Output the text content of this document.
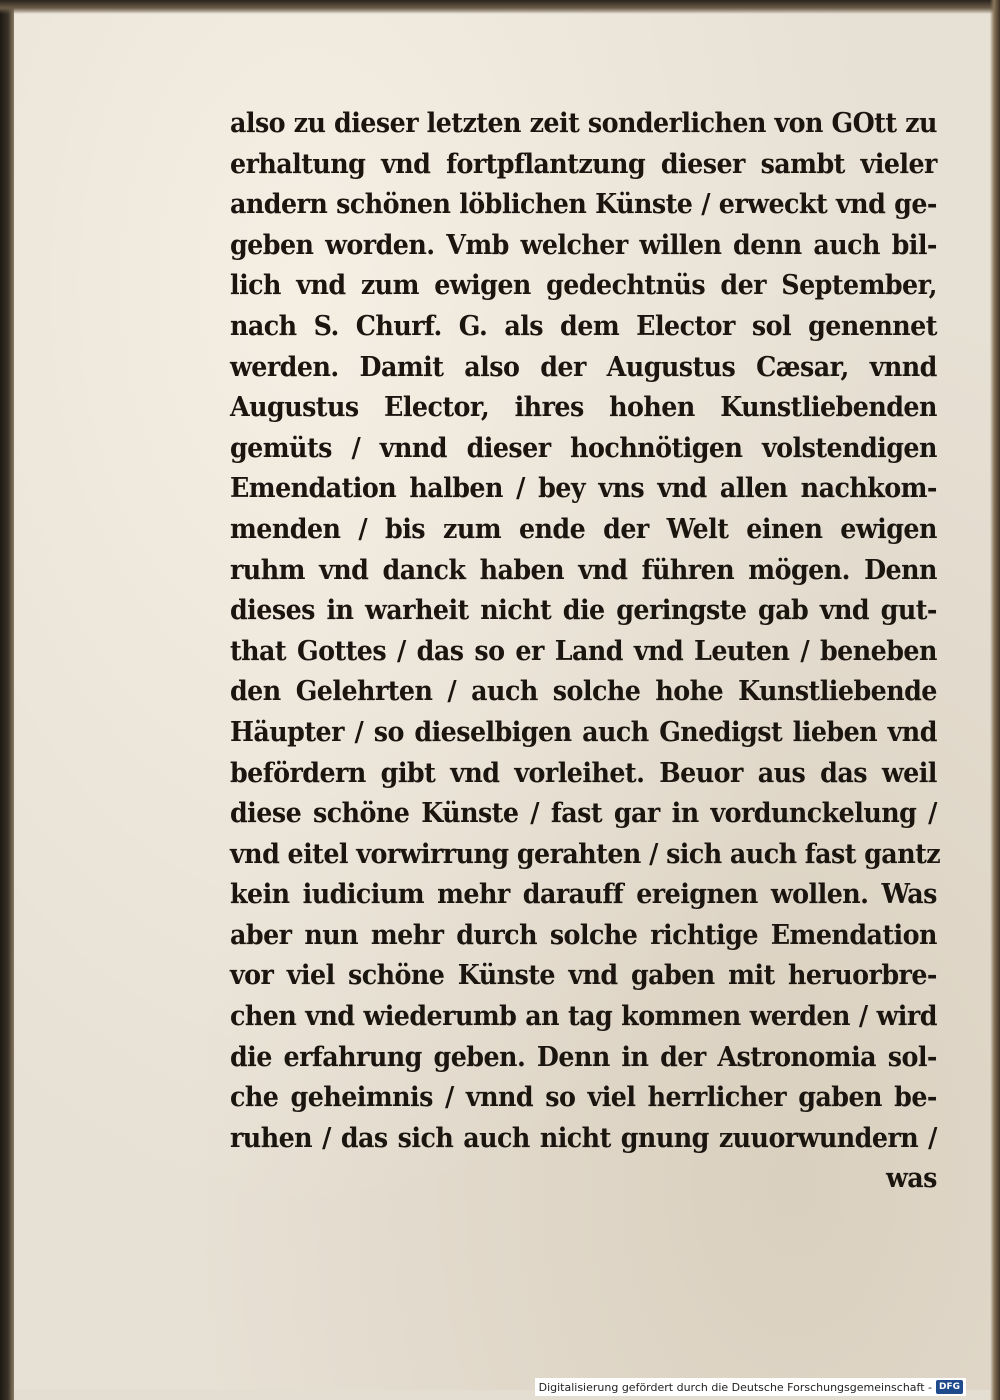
also zu dieser letzten zeit sonderlichen von GOtt zu
erhaltung vnd fortpflantzung dieser sambt vieler
andern schönen löblichen Künste / erweckt vnd ge-
geben worden. Vmb welcher willen denn auch bil-
lich vnd zum ewigen gedechtnüs der September,
nach S. Churf. G. als dem Elector sol genennet
werden. Damit also der Augustus Cæsar, vnnd
Augustus Elector, ihres hohen Kunstliebenden
gemüts / vnnd dieser hochnötigen volstendigen
Emendation halben / bey vns vnd allen nachkom-
menden / bis zum ende der Welt einen ewigen
ruhm vnd danck haben vnd führen mögen. Denn
dieses in warheit nicht die geringste gab vnd gut-
that Gottes / das so er Land vnd Leuten / beneben
den Gelehrten / auch solche hohe Kunstliebende
Häupter / so dieselbigen auch Gnedigst lieben vnd
befördern gibt vnd vorleihet. Beuor aus das weil
diese schöne Künste / fast gar in vordunckelung /
vnd eitel vorwirrung gerahten / sich auch fast gantz
kein iudicium mehr darauff ereignen wollen. Was
aber nun mehr durch solche richtige Emendation
vor viel schöne Künste vnd gaben mit heruorbre-
chen vnd wiederumb an tag kommen werden / wird
die erfahrung geben. Denn in der Astronomia sol-
che geheimnis / vnnd so viel herrlicher gaben be-
ruhen / das sich auch nicht gnung zuuorwundern /
was
Digitalisierung gefördert durch die Deutsche Forschungsgemeinschaft - DFG
